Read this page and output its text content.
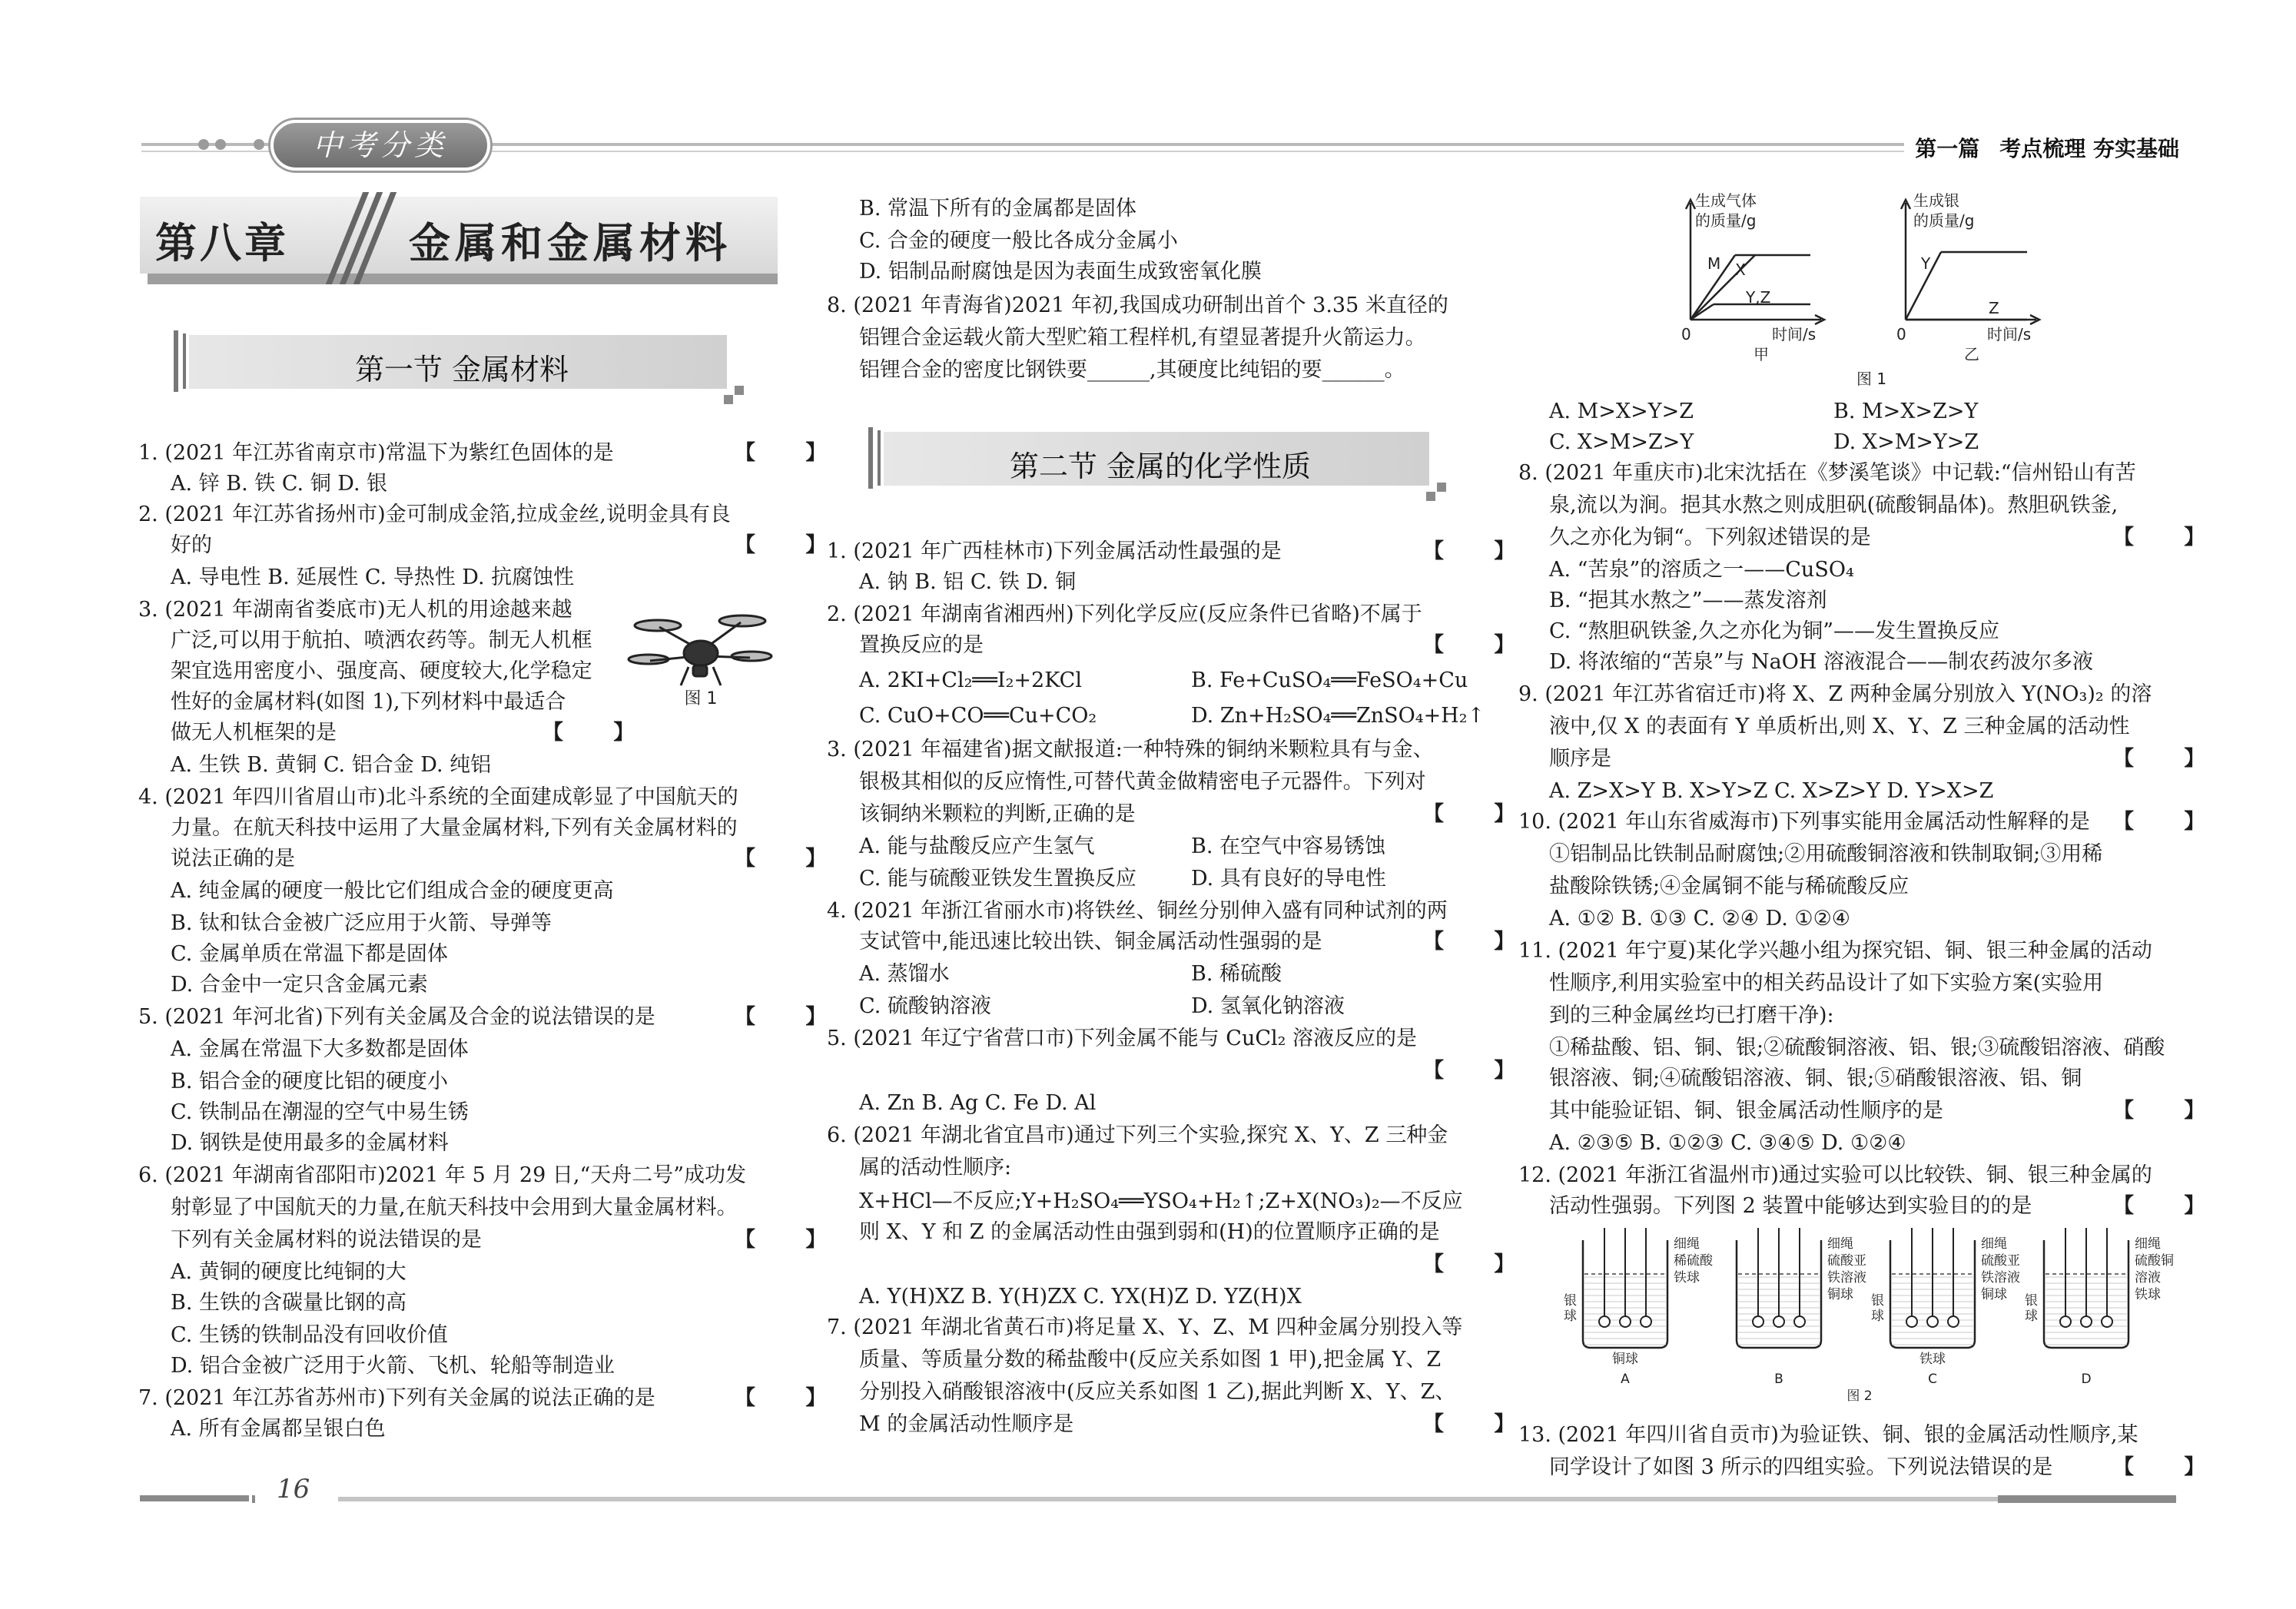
中考分类	第一篇 考点梳理 夯实基础
第八章	金属和金属材料
第一节 金属材料
第二节 金属的化学性质
1. (2021 年江苏省南京市)常温下为紫红色固体的是	【 】
A. 锌 B. 铁 C. 铜 D. 银
2. (2021 年江苏省扬州市)金可制成金箔,拉成金丝,说明金具有良
好的	【 】
A. 导电性 B. 延展性 C. 导热性 D. 抗腐蚀性
3. (2021 年湖南省娄底市)无人机的用途越来越
广泛,可以用于航拍、喷洒农药等。制无人机框
架宜选用密度小、强度高、硬度较大,化学稳定
性好的金属材料(如图 1),下列材料中最适合
做无人机框架的是	【 】
A. 生铁 B. 黄铜 C. 铝合金 D. 纯铝
图 1
4. (2021 年四川省眉山市)北斗系统的全面建成彰显了中国航天的
力量。在航天科技中运用了大量金属材料,下列有关金属材料的
说法正确的是	【 】
A. 纯金属的硬度一般比它们组成合金的硬度更高
B. 钛和钛合金被广泛应用于火箭、导弹等
C. 金属单质在常温下都是固体
D. 合金中一定只含金属元素
5. (2021 年河北省)下列有关金属及合金的说法错误的是	【 】
A. 金属在常温下大多数都是固体
B. 铝合金的硬度比铝的硬度小
C. 铁制品在潮湿的空气中易生锈
D. 钢铁是使用最多的金属材料
6. (2021 年湖南省邵阳市)2021 年 5 月 29 日,“天舟二号”成功发
射彰显了中国航天的力量,在航天科技中会用到大量金属材料。
下列有关金属材料的说法错误的是	【 】
A. 黄铜的硬度比纯铜的大
B. 生铁的含碳量比钢的高
C. 生锈的铁制品没有回收价值
D. 铝合金被广泛用于火箭、飞机、轮船等制造业
7. (2021 年江苏省苏州市)下列有关金属的说法正确的是	【 】
A. 所有金属都呈银白色
B. 常温下所有的金属都是固体
C. 合金的硬度一般比各成分金属小
D. 铝制品耐腐蚀是因为表面生成致密氧化膜
8. (2021 年青海省)2021 年初,我国成功研制出首个 3.35 米直径的
铝锂合金运载火箭大型贮箱工程样机,有望显著提升火箭运力。
铝锂合金的密度比钢铁要______,其硬度比纯铝的要______。
1. (2021 年广西桂林市)下列金属活动性最强的是	【 】
A. 钠 B. 铝 C. 铁 D. 铜
2. (2021 年湖南省湘西州)下列化学反应(反应条件已省略)不属于
置换反应的是	【 】
A. 2KI+Cl₂══I₂+2KCl	B. Fe+CuSO₄══FeSO₄+Cu
C. CuO+CO══Cu+CO₂	D. Zn+H₂SO₄══ZnSO₄+H₂↑
3. (2021 年福建省)据文献报道:一种特殊的铜纳米颗粒具有与金、
银极其相似的反应惰性,可替代黄金做精密电子元器件。下列对
该铜纳米颗粒的判断,正确的是	【 】
A. 能与盐酸反应产生氢气	B. 在空气中容易锈蚀
C. 能与硫酸亚铁发生置换反应	D. 具有良好的导电性
4. (2021 年浙江省丽水市)将铁丝、铜丝分别伸入盛有同种试剂的两
支试管中,能迅速比较出铁、铜金属活动性强弱的是	【 】
A. 蒸馏水	B. 稀硫酸
C. 硫酸钠溶液	D. 氢氧化钠溶液
5. (2021 年辽宁省营口市)下列金属不能与 CuCl₂ 溶液反应的是
【 】
A. Zn B. Ag C. Fe D. Al
6. (2021 年湖北省宜昌市)通过下列三个实验,探究 X、Y、Z 三种金
属的活动性顺序:
X+HCl—不反应;Y+H₂SO₄══YSO₄+H₂↑;Z+X(NO₃)₂—不反应
则 X、Y 和 Z 的金属活动性由强到弱和(H)的位置顺序正确的是
【 】
A. Y(H)XZ B. Y(H)ZX C. YX(H)Z D. YZ(H)X
7. (2021 年湖北省黄石市)将足量 X、Y、Z、M 四种金属分别投入等
质量、等质量分数的稀盐酸中(反应关系如图 1 甲),把金属 Y、Z
分别投入硝酸银溶液中(反应关系如图 1 乙),据此判断 X、Y、Z、
M 的金属活动性顺序是	【 】
生成气体
的质量/g
M X
Y,Z
0	时间/s
甲
生成银
的质量/g
Y
Z
0	时间/s
乙
图 1
A. M>X>Y>Z	B. M>X>Z>Y
C. X>M>Z>Y	D. X>M>Y>Z
8. (2021 年重庆市)北宋沈括在《梦溪笔谈》中记载:“信州铅山有苦
泉,流以为涧。挹其水熬之则成胆矾(硫酸铜晶体)。熬胆矾铁釜,
久之亦化为铜“。下列叙述错误的是	【 】
A. “苦泉”的溶质之一——CuSO₄
B. “挹其水熬之”——蒸发溶剂
C. “熬胆矾铁釜,久之亦化为铜”——发生置换反应
D. 将浓缩的“苦泉”与 NaOH 溶液混合——制农药波尔多液
9. (2021 年江苏省宿迁市)将 X、Z 两种金属分别放入 Y(NO₃)₂ 的溶
液中,仅 X 的表面有 Y 单质析出,则 X、Y、Z 三种金属的活动性
顺序是	【 】
A. Z>X>Y B. X>Y>Z C. X>Z>Y D. Y>X>Z
10. (2021 年山东省威海市)下列事实能用金属活动性解释的是 【 】
①铝制品比铁制品耐腐蚀;②用硫酸铜溶液和铁制取铜;③用稀
盐酸除铁锈;④金属铜不能与稀硫酸反应
A. ①② B. ①③ C. ②④ D. ①②④
11. (2021 年宁夏)某化学兴趣小组为探究铝、铜、银三种金属的活动
性顺序,利用实验室中的相关药品设计了如下实验方案(实验用
到的三种金属丝均已打磨干净):
①稀盐酸、铝、铜、银;②硫酸铜溶液、铝、银;③硫酸铝溶液、硝酸
银溶液、铜;④硫酸铝溶液、铜、银;⑤硝酸银溶液、铝、铜
其中能验证铝、铜、银金属活动性顺序的是	【 】
A. ②③⑤ B. ①②③ C. ③④⑤ D. ①②④
12. (2021 年浙江省温州市)通过实验可以比较铁、铜、银三种金属的
活动性强弱。下列图 2 装置中能够达到实验目的的是	【 】
银
球
细绳
稀硫酸
铁球
铜球
A
细绳
硫酸亚
铁溶液
铜球
B
银
球
细绳
硫酸亚
铁溶液
铜球
铁球
C
银
球
细绳
硫酸铜
溶液
铁球
D
图 2
13. (2021 年四川省自贡市)为验证铁、铜、银的金属活动性顺序,某
同学设计了如图 3 所示的四组实验。下列说法错误的是	【 】
16
